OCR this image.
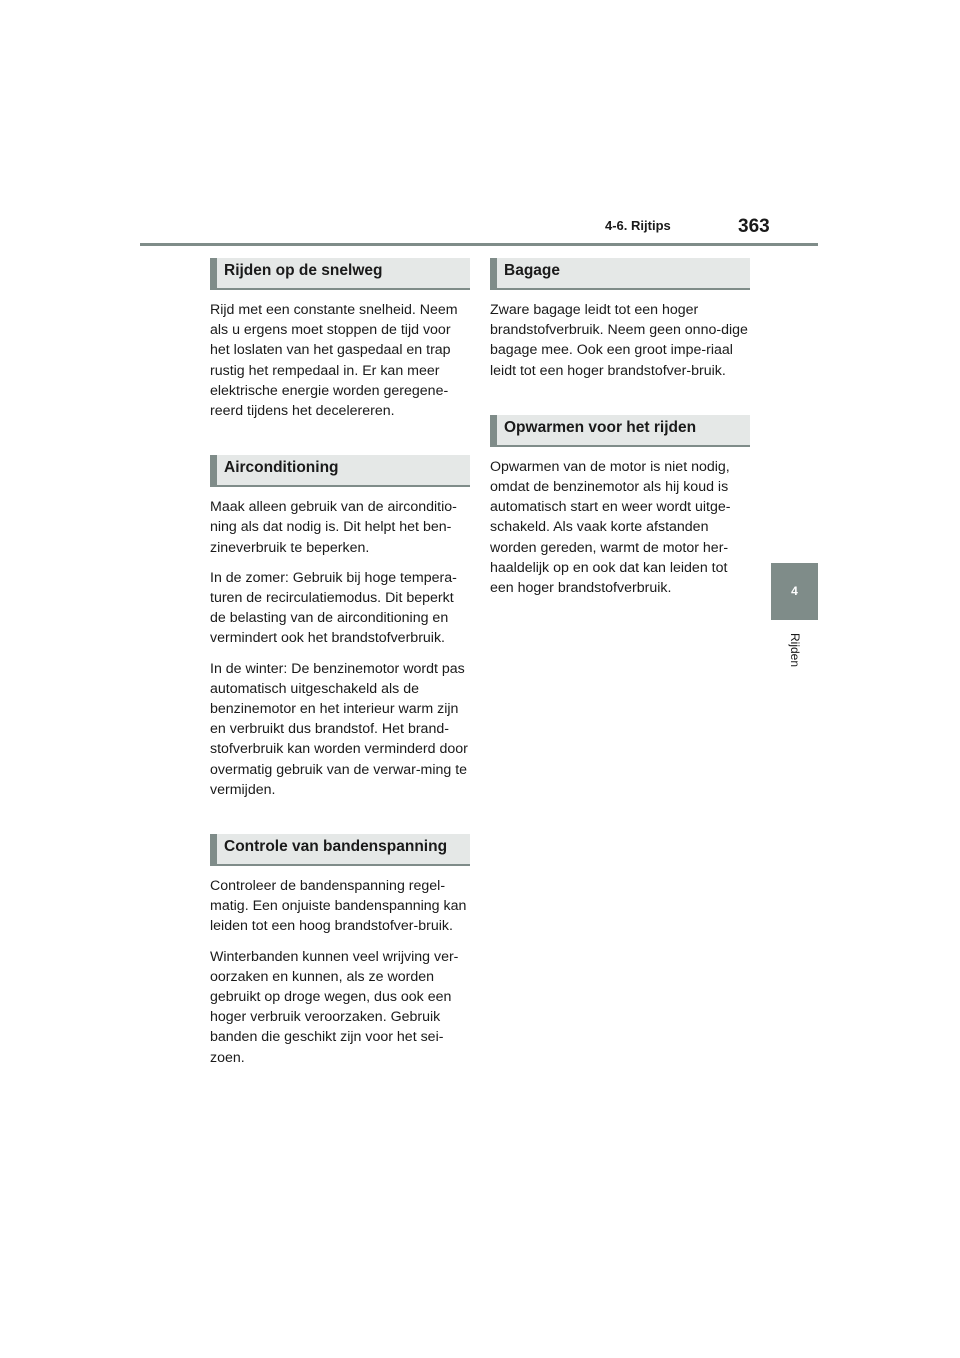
4-6. Rijtips	363
4
Rijden
Rijden op de snelweg

Rijd met een constante snelheid. Neem als u ergens moet stoppen de tijd voor het loslaten van het gaspedaal en trap rustig het rempedaal in. Er kan meer elektrische energie worden geregene-reerd tijdens het decelereren.

Airconditioning

Maak alleen gebruik van de airconditio-ning als dat nodig is. Dit helpt het ben-zineverbruik te beperken.

In de zomer: Gebruik bij hoge tempera-turen de recirculatiemodus. Dit beperkt de belasting van de airconditioning en vermindert ook het brandstofverbruik.

In de winter: De benzinemotor wordt pas automatisch uitgeschakeld als de benzinemotor en het interieur warm zijn en verbruikt dus brandstof. Het brand-stofverbruik kan worden verminderd door overmatig gebruik van de verwar-ming te vermijden.

Controle van bandenspanning

Controleer de bandenspanning regel-matig. Een onjuiste bandenspanning kan leiden tot een hoog brandstofver-bruik.

Winterbanden kunnen veel wrijving ver-oorzaken en kunnen, als ze worden gebruikt op droge wegen, dus ook een hoger verbruik veroorzaken. Gebruik banden die geschikt zijn voor het sei-zoen.

Bagage

Zware bagage leidt tot een hoger brandstofverbruik. Neem geen onno-dige bagage mee. Ook een groot impe-riaal leidt tot een hoger brandstofver-bruik.

Opwarmen voor het rijden

Opwarmen van de motor is niet nodig, omdat de benzinemotor als hij koud is automatisch start en weer wordt uitge-schakeld. Als vaak korte afstanden worden gereden, warmt de motor her-haaldelijk op en ook dat kan leiden tot een hoger brandstofverbruik.
